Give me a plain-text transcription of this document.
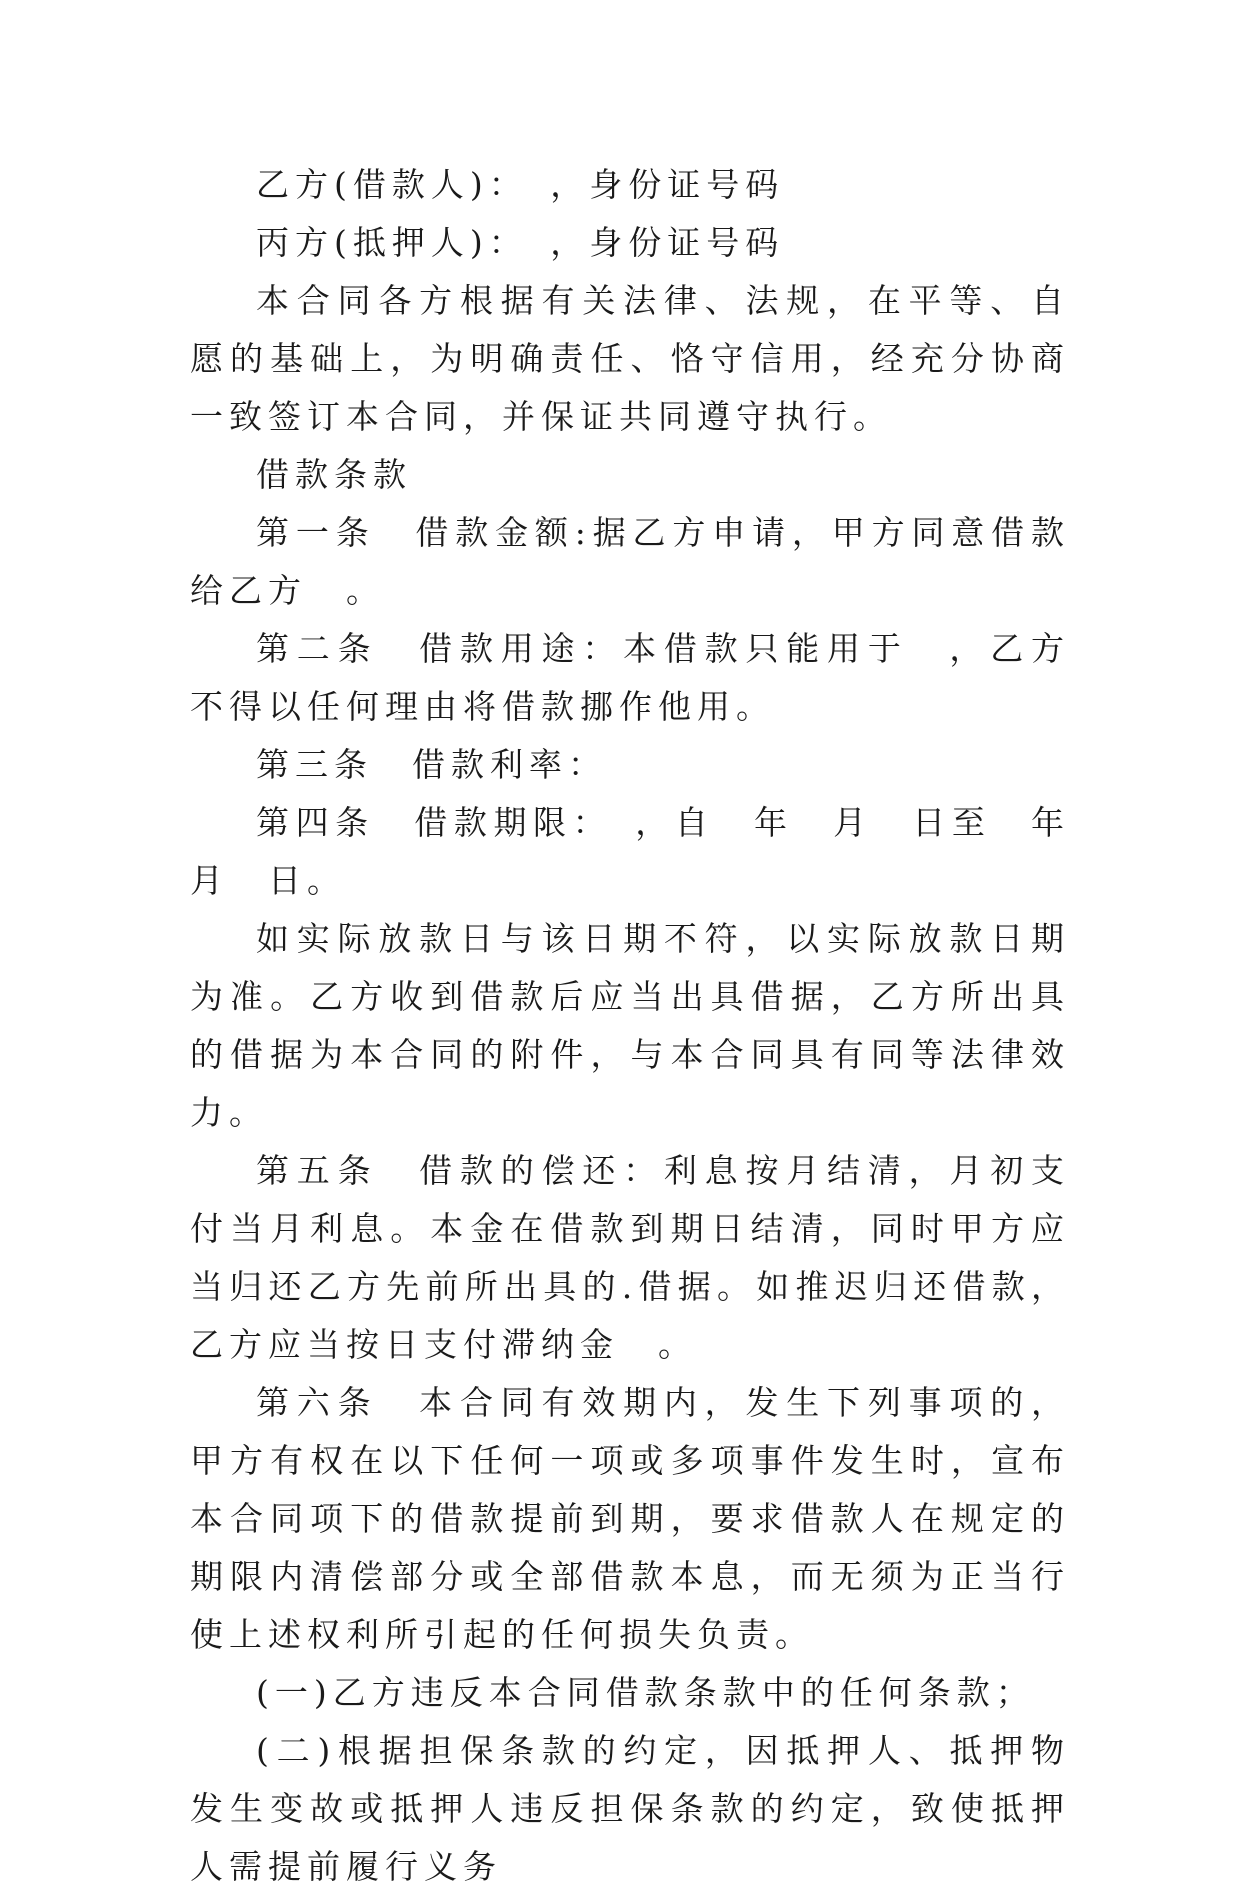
乙方(借款人)：　，身份证号码

丙方(抵押人)：　，身份证号码

本合同各方根据有关法律、法规，在平等、自愿的基础上，为明确责任、恪守信用，经充分协商一致签订本合同，并保证共同遵守执行。

借款条款

第一条　借款金额:据乙方申请，甲方同意借款给乙方　。

第二条　借款用途：本借款只能用于　，乙方不得以任何理由将借款挪作他用。

第三条　借款利率：

第四条　借款期限：　，自　年　月　日至　年　月　日。

如实际放款日与该日期不符，以实际放款日期为准。乙方收到借款后应当出具借据，乙方所出具的借据为本合同的附件，与本合同具有同等法律效力。

第五条　借款的偿还：利息按月结清，月初支付当月利息。本金在借款到期日结清，同时甲方应当归还乙方先前所出具的.借据。如推迟归还借款，乙方应当按日支付滞纳金　。

第六条　本合同有效期内，发生下列事项的，甲方有权在以下任何一项或多项事件发生时，宣布本合同项下的借款提前到期，要求借款人在规定的期限内清偿部分或全部借款本息，而无须为正当行使上述权利所引起的任何损失负责。

(一)乙方违反本合同借款条款中的任何条款；

(二)根据担保条款的约定，因抵押人、抵押物发生变故或抵押人违反担保条款的约定，致使抵押人需提前履行义务
